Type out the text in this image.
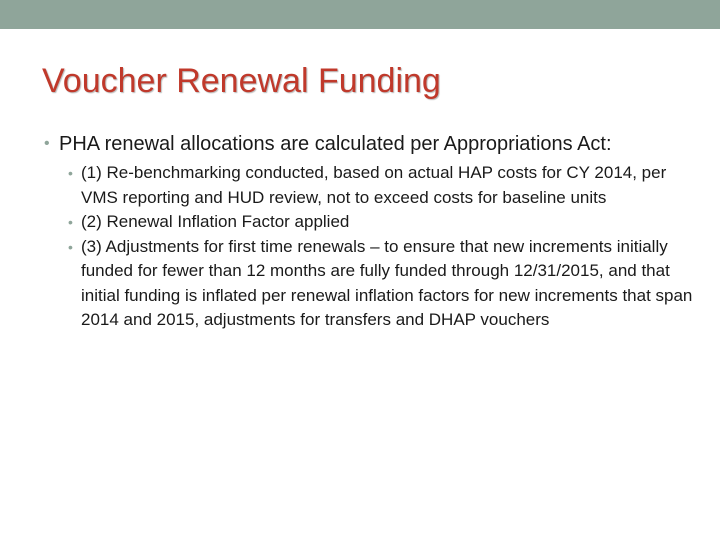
Voucher Renewal Funding
• PHA renewal allocations are calculated per Appropriations Act:
• (1) Re-benchmarking conducted, based on actual HAP costs for CY 2014, per VMS reporting and HUD review, not to exceed costs for baseline units
• (2) Renewal Inflation Factor applied
• (3) Adjustments for first time renewals – to ensure that new increments initially funded for fewer than 12 months are fully funded through 12/31/2015, and that initial funding is inflated per renewal inflation factors for new increments that span 2014 and 2015, adjustments for transfers and DHAP vouchers
